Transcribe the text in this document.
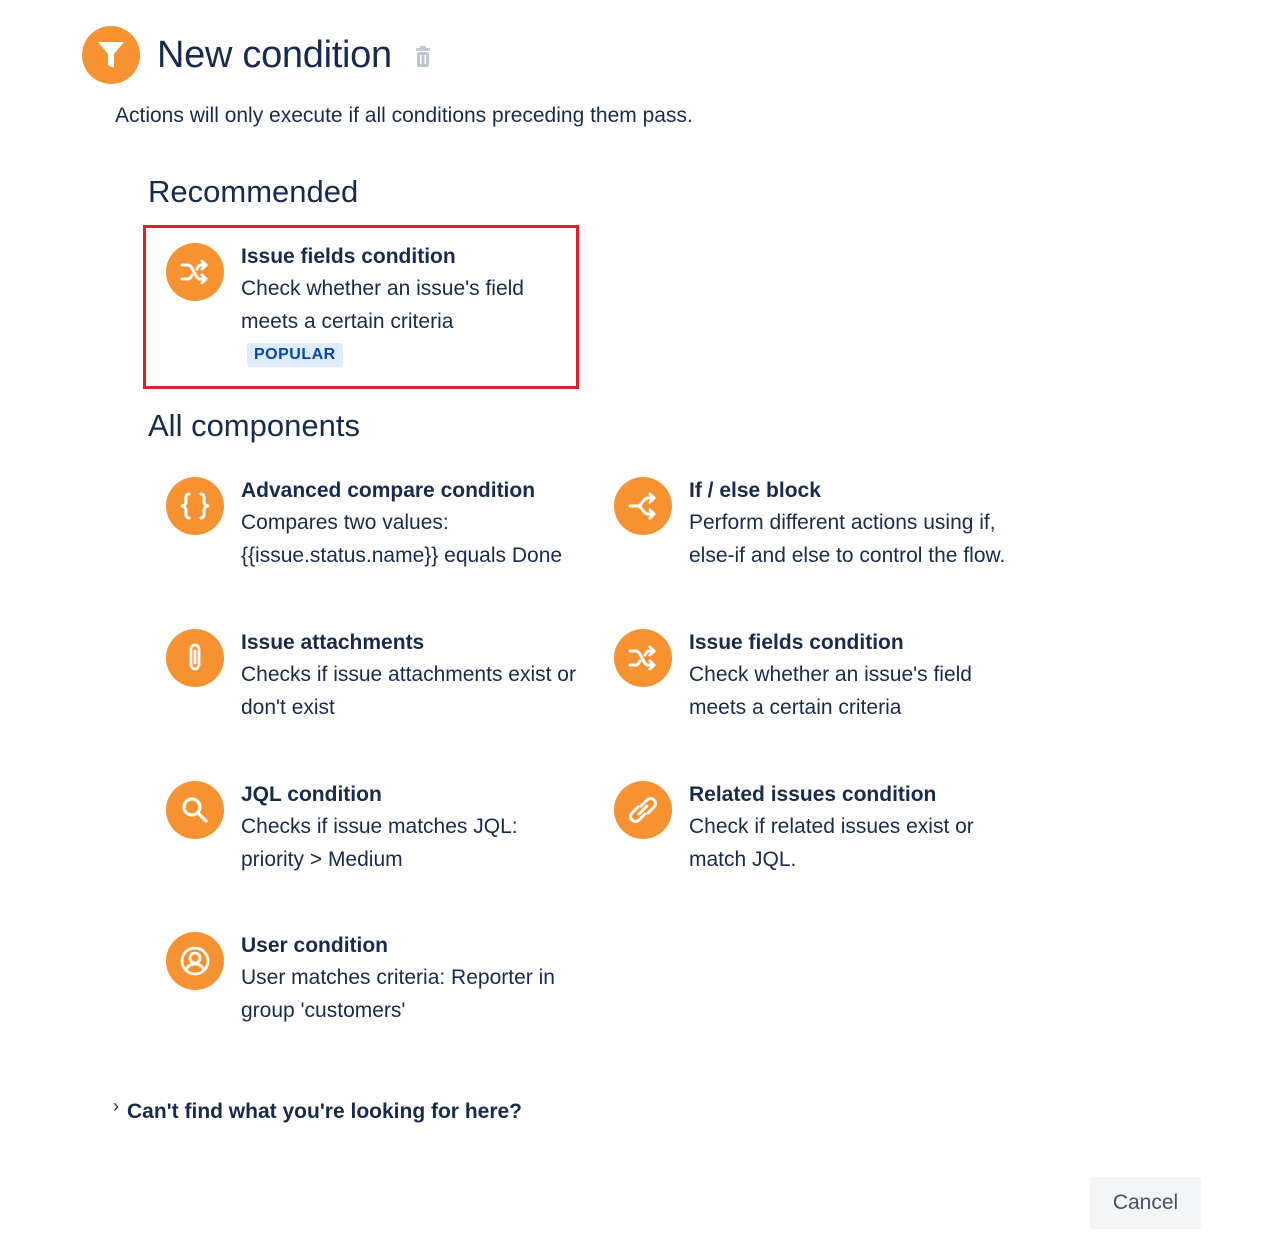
New condition
Actions will only execute if all conditions preceding them pass.
Recommended
Issue fields condition
Check whether an issue's field meets a certain criteria
POPULAR
All components
Advanced compare condition
Compares two values: {{issue.status.name}} equals Done
If / else block
Perform different actions using if, else-if and else to control the flow.
Issue attachments
Checks if issue attachments exist or don't exist
Issue fields condition
Check whether an issue's field meets a certain criteria
JQL condition
Checks if issue matches JQL: priority > Medium
Related issues condition
Check if related issues exist or match JQL.
User condition
User matches criteria: Reporter in group 'customers'
› Can't find what you're looking for here?
Cancel
